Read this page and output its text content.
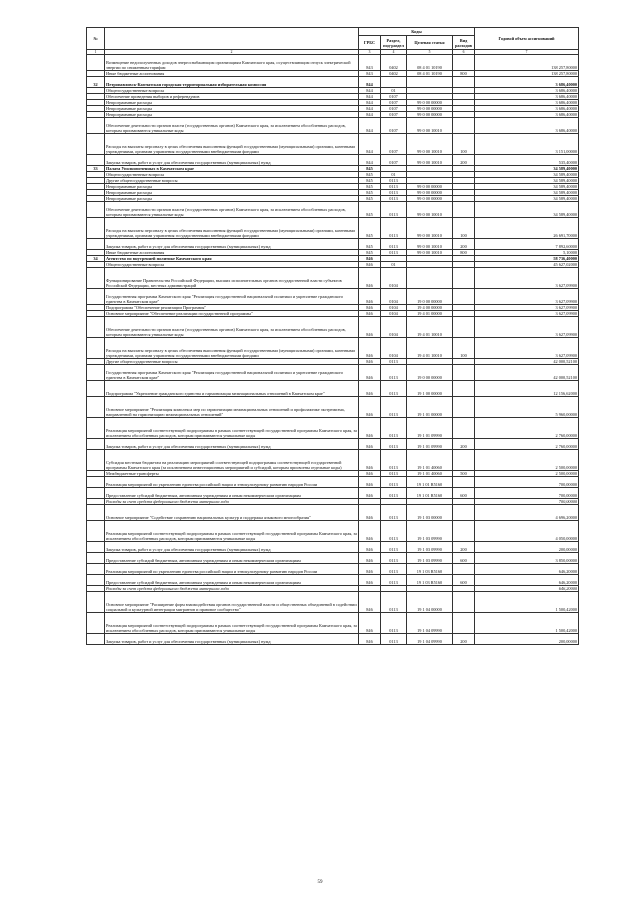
№		Коды				Годовой объем ассигнований
		ГРБС	Раздел, под-раздел	Целевая статья	Вид расходов	
1	2	3	4	5	6	7
	Возмещение недополученных доходов энергоснабжающим организациям Камчатского края, осуществляющим отпуск электрической энергии по сниженным тарифам	843	0402	08 4 01 10190		138 257,80000
	Иные бюджетные ассигнования	843	0402	08 4 01 10190	800	138 257,80000
32	Петропавловск-Камчатская городская территориальная избирательная комиссия	844				3 686,40000
	Общегосударственные вопросы	844	01			3 686,40000
	Обеспечение проведения выборов и референдумов	844	0107			3 686,40000
	Непрограммные расходы	844	0107	99 0 00 00000		3 686,40000
	Непрограммные расходы	844	0107	99 0 00 00000		3 686,40000
	Непрограммные расходы	844	0107	99 0 00 00000		3 686,40000
	Обеспечение деятельности органов власти (государственных органов) Камчатского края, за исключением обособленных расходов, которым присваиваются уникальные коды	844	0107	99 0 00 10010		3 686,40000
	Расходы на выплаты персоналу в целях обеспечения выполнения функций государственными (муниципальными) органами, казенными учреждениями, органами управления государственными внебюджетными фондами	844	0107	99 0 00 10010	100	3 151,00000
	Закупка товаров, работ и услуг для обеспечения государственных (муниципальных) нужд	844	0107	99 0 00 10010	200	535,40000
33	Палата Уполномоченных в Камчатском крае	845				34 589,40000
	Общегосударственные вопросы	845	01			34 589,40000
	Другие общегосударственные вопросы	845	0113			34 589,40000
	Непрограммные расходы	845	0113	99 0 00 00000		34 589,40000
	Непрограммные расходы	845	0113	99 0 00 00000		34 589,40000
	Непрограммные расходы	845	0113	99 0 00 00000		34 589,40000
	Обеспечение деятельности органов власти (государственных органов) Камчатского края, за исключением обособленных расходов, которым присваиваются уникальные коды	845	0113	99 0 00 10010		34 589,40000
	Расходы на выплаты персоналу в целях обеспечения выполнения функций государственными (муниципальными) органами, казенными учреждениями, органами управления государственными внебюджетными фондами	845	0113	99 0 00 10010	100	26 691,70000
	Закупка товаров, работ и услуг для обеспечения государственных (муниципальных) нужд	845	0113	99 0 00 10010	200	7 892,60000
	Иные бюджетные ассигнования	845	0113	99 0 00 10010	800	5,10000
34	Агентство по внутренней политике Камчатского края	846				58 736,40000
	Общегосударственные вопросы	846	01			45 627,02000
	Функционирование Правительства Российской Федерации, высших исполнительных органов государственной власти субъектов Российской Федерации, местных администраций	846	0104			3 627,09900
	Государственная программа Камчатского края "Реализация государственной национальной политики и укрепление гражданского единства в Камчатском крае"	846	0104	19 0 00 00000		3 627,09900
	Подпрограмма "Обеспечение реализации Программы"	846	0104	19 4 00 00000		3 627,09900
	Основное мероприятие "Обеспечение реализации государственной программы"	846	0104	19 4 01 00000		3 627,09900
	Обеспечение деятельности органов власти (государственных органов) Камчатского края, за исключением обособленных расходов, которым присваиваются уникальные коды	846	0104	19 4 01 10010		3 627,09900
	Расходы на выплаты персоналу в целях обеспечения выполнения функций государственными (муниципальными) органами, казенными учреждениями, органами управления государственными внебюджетными фондами	846	0104	19 4 01 10010	100	3 627,09900
	Другие общегосударственные вопросы	846	0113			42 000,52100
	Государственная программа Камчатского края "Реализация государственной национальной политики и укрепление гражданского единства в Камчатском крае"	846	0113	19 0 00 00000		42 000,52100
	Подпрограмма "Укрепление гражданского единства и гармонизация межнациональных отношений в Камчатском крае"	846	0113	19 1 00 00000		12 156,62000
	Основное мероприятие "Реализация комплекса мер по гармонизации межнациональных отношений и профилактике экстремизма, направленной на гармонизацию межнациональных отношений"	846	0113	19 1 01 00000		5 960,00000
	Реализация мероприятий соответствующей подпрограммы в рамках соответствующей государственной программы Камчатского края, за исключением обособленных расходов, которым присваиваются уникальные коды	846	0113	19 1 01 09990		2 760,00000
	Закупка товаров, работ и услуг для обеспечения государственных (муниципальных) нужд	846	0113	19 1 01 09990	200	2 760,00000
	Субсидия местным бюджетам на реализацию мероприятий соответствующей подпрограммы соответствующей государственной программы Камчатского края (за исключением инвестиционных мероприятий и субсидий, которым присвоены отдельные коды)	846	0113	19 1 01 40060		2 500,00000
	Межбюджетные трансферты	846	0113	19 1 01 40060	500	2 500,00000
	Реализация мероприятий по укреплению единства российской нации и этнокультурному развитию народов России	846	0113	19 1 01 R5160		700,00000
	Предоставление субсидий бюджетным, автономным учреждениям и иным некоммерческим организациям	846	0113	19 1 01 R5160	600	700,00000
	Расходы за счет средств федерального бюджета материала года					700,00000
	Основное мероприятие "Содействие сохранению национальных культур и поддержка языкового многообразия"	846	0113	19 1 03 00000		4 696,20000
	Реализация мероприятий соответствующей подпрограммы в рамках соответствующей государственной программы Камчатского края, за исключением обособленных расходов, которым присваиваются уникальные коды	846	0113	19 1 03 09990		4 050,00000
	Закупка товаров, работ и услуг для обеспечения государственных (муниципальных) нужд	846	0113	19 1 03 09990	200	200,00000
	Предоставление субсидий бюджетным, автономным учреждениям и иным некоммерческим организациям	846	0113	19 1 03 09990	600	3 850,00000
	Реализация мероприятий по укреплению единства российской нации и этнокультурному развитию народов России	846	0113	19 1 03 R5160		646,20000
	Предоставление субсидий бюджетным, автономным учреждениям и иным некоммерческим организациям	846	0113	19 1 03 R5160	600	646,20000
	Расходы за счет средств федерального бюджета материала года					646,20000
	Основное мероприятие "Расширение форм взаимодействия органов государственной власти и общественных объединений в содействии социальной и культурной интеграции мигрантов и правовое сообщество"	846	0113	19 1 04 00000		1 500,42000
	Реализация мероприятий соответствующей подпрограммы в рамках соответствующей государственной программы Камчатского края, за исключением обособленных расходов, которым присваиваются уникальные коды	846	0113	19 1 04 09990		1 500,42000
	Закупка товаров, работ и услуг для обеспечения государственных (муниципальных) нужд	846	0113	19 1 04 09990	200	200,00000
59
